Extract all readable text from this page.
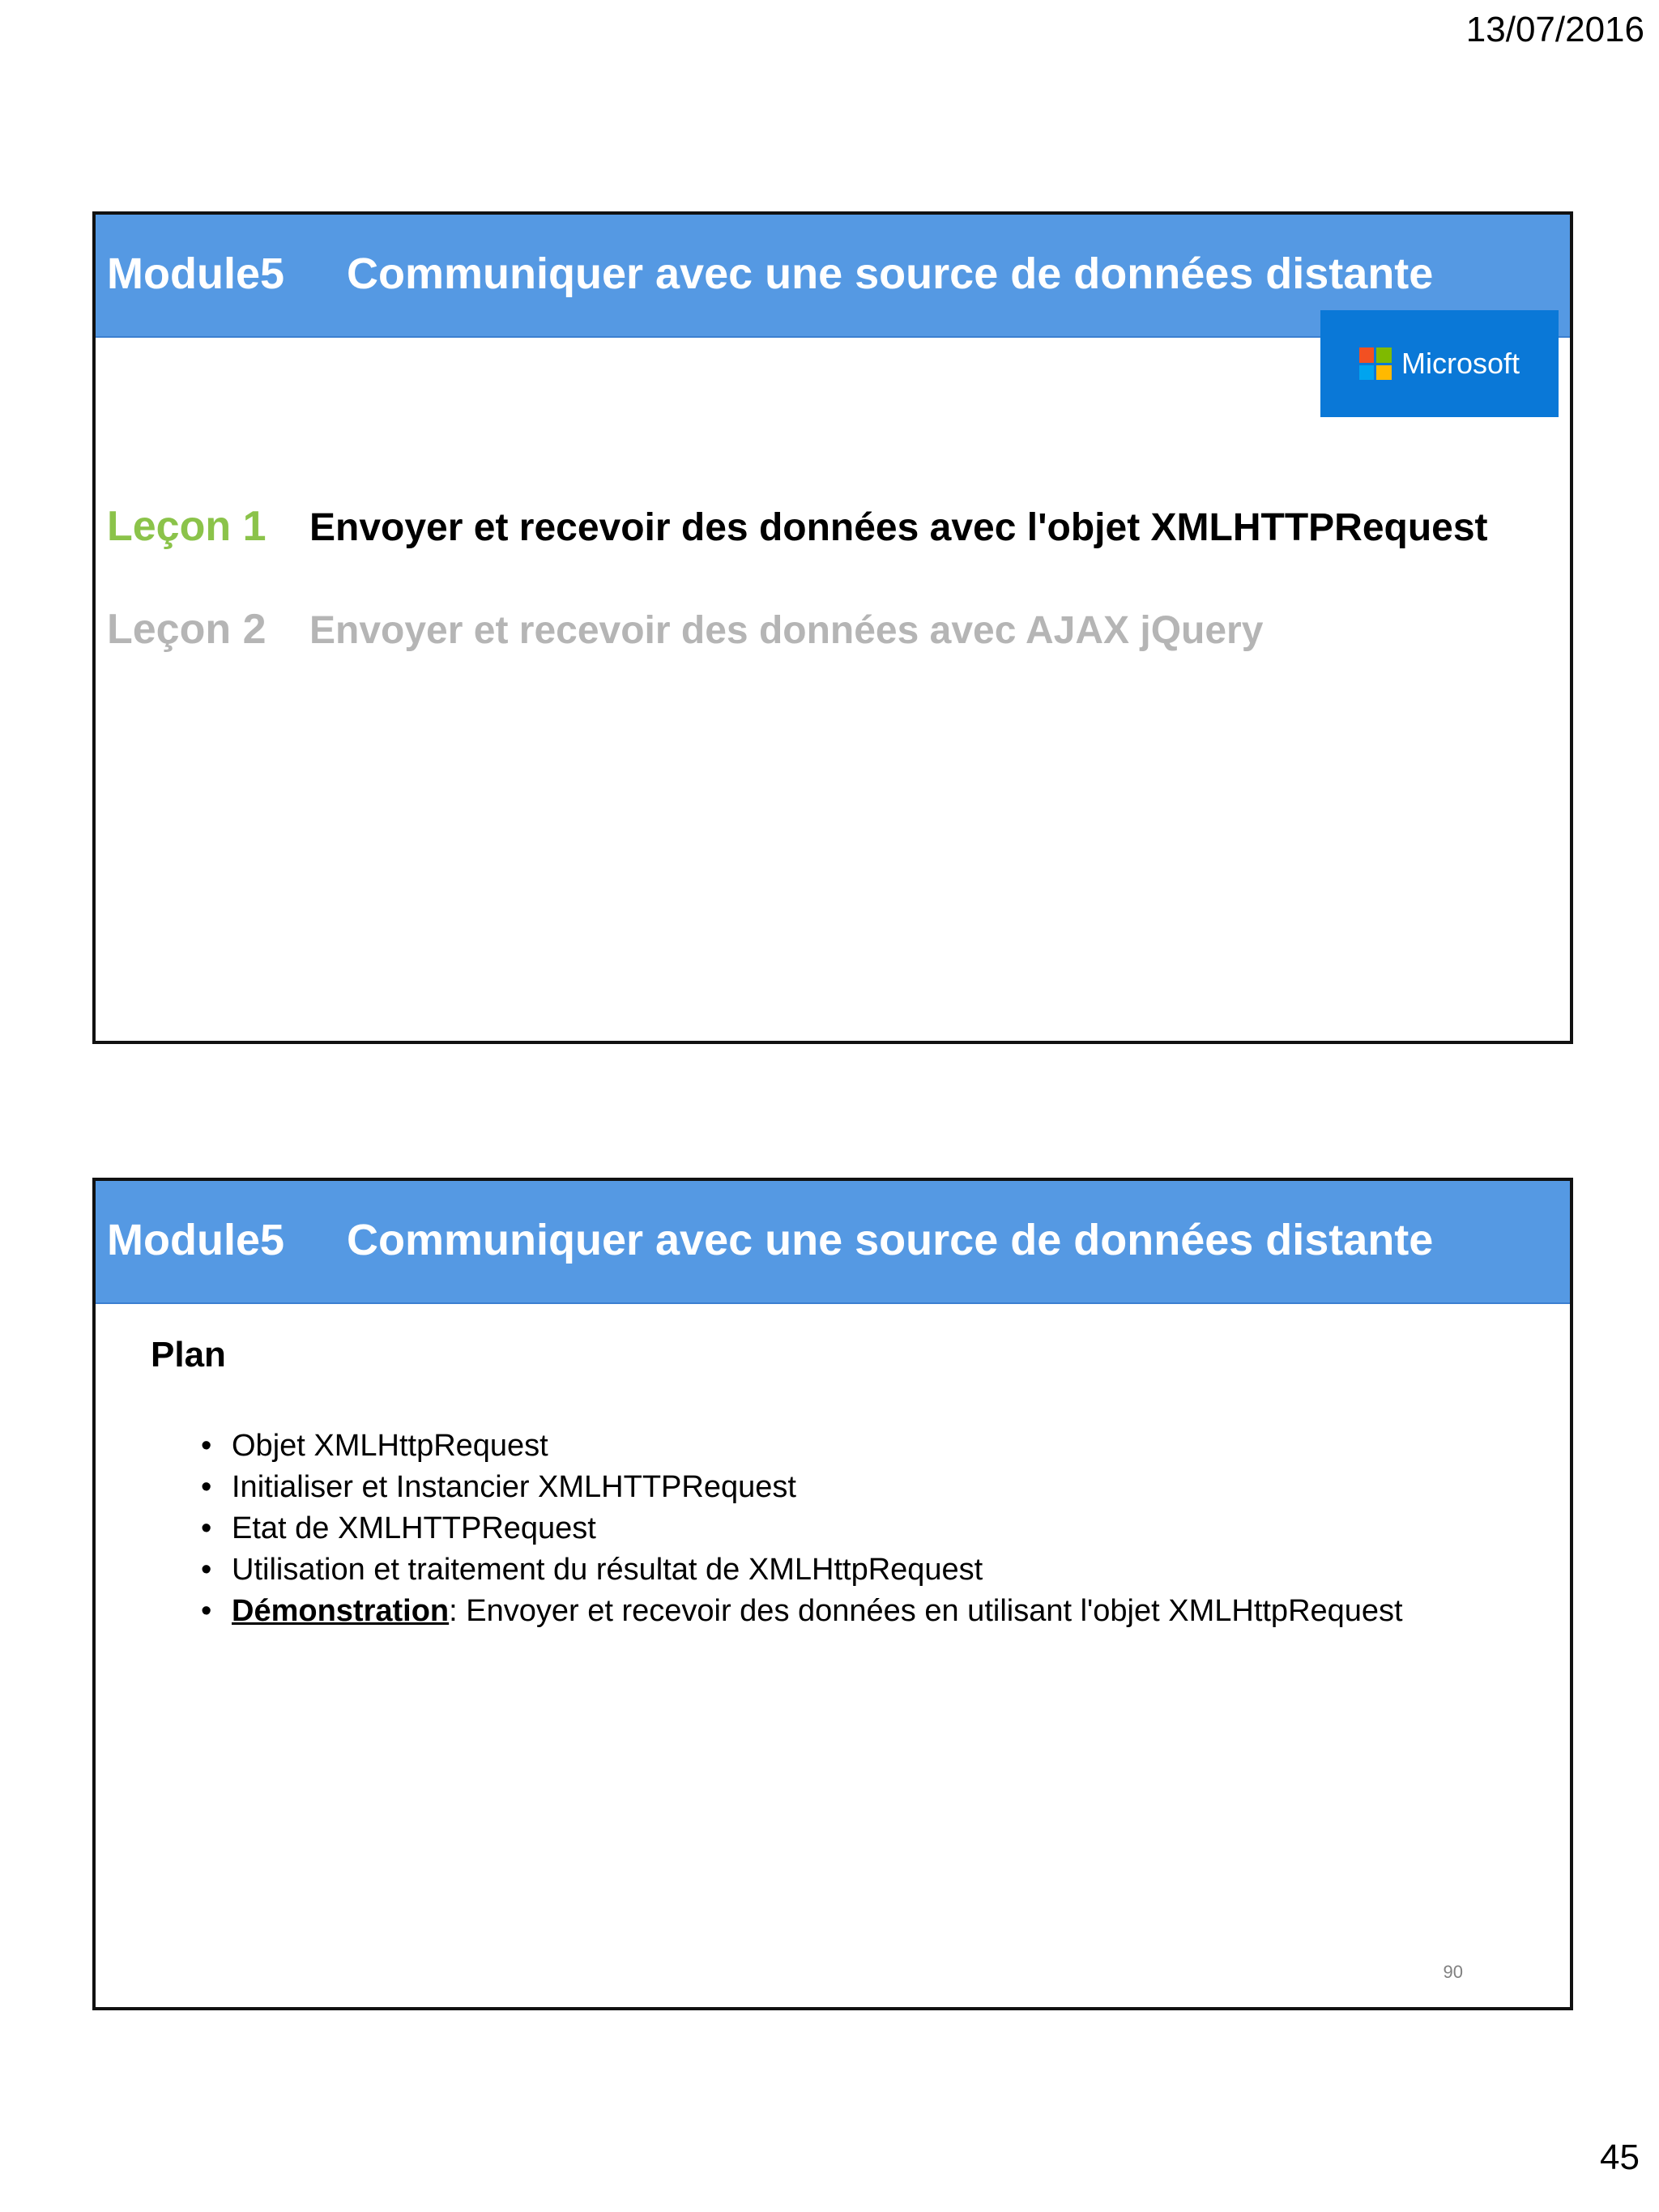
13/07/2016
Module5 Communiquer avec une source de données distante
Microsoft
Leçon 1	Envoyer et recevoir des données avec l'objet XMLHTTPRequest
Leçon 2	Envoyer et recevoir des données avec AJAX jQuery
Module5 Communiquer avec une source de données distante
Plan
• Objet XMLHttpRequest
• Initialiser et Instancier XMLHTTPRequest
• Etat de XMLHTTPRequest
• Utilisation et traitement du résultat de XMLHttpRequest
• Démonstration: Envoyer et recevoir des données en utilisant l'objet XMLHttpRequest
90
45
